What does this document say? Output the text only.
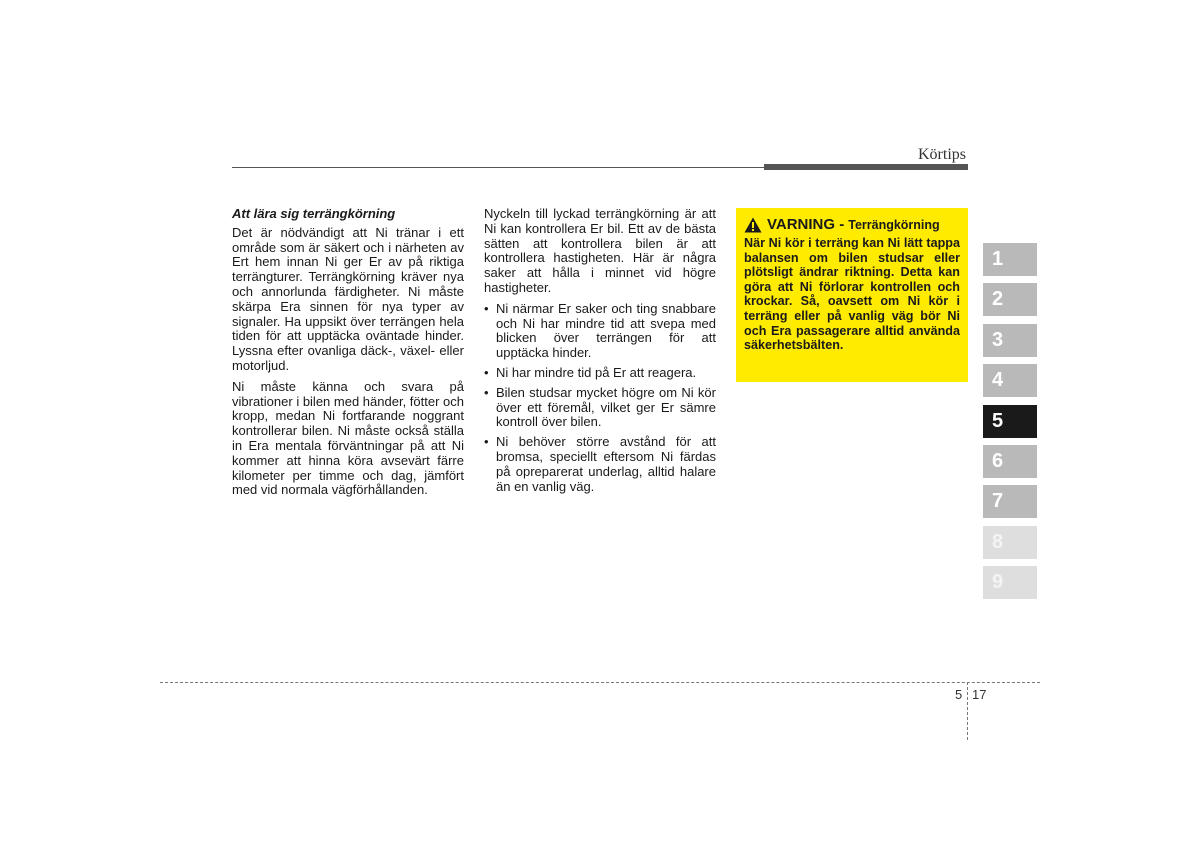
Körtips

Att lära sig terrängkörning

Det är nödvändigt att Ni tränar i ett område som är säkert och i närheten av Ert hem innan Ni ger Er av på riktiga terrängturer. Terrängkörning kräver nya och annorlunda färdigheter. Ni måste skärpa Era sinnen för nya typer av signaler. Ha uppsikt över terrängen hela tiden för att upptäcka oväntade hinder. Lyssna efter ovanliga däck-, växel- eller motorljud.

Ni måste känna och svara på vibrationer i bilen med händer, fötter och kropp, medan Ni fortfarande noggrant kontrollerar bilen. Ni måste också ställa in Era mentala förväntningar på att Ni kommer att hinna köra avsevärt färre kilometer per timme och dag, jämfört med vid normala vägförhållanden.

Nyckeln till lyckad terrängkörning är att Ni kan kontrollera Er bil. Ett av de bästa sätten att kontrollera bilen är att kontrollera hastigheten. Här är några saker att hålla i minnet vid högre hastigheter.

• Ni närmar Er saker och ting snabbare och Ni har mindre tid att svepa med blicken över terrängen för att upptäcka hinder.
• Ni har mindre tid på Er att reagera.
• Bilen studsar mycket högre om Ni kör över ett föremål, vilket ger Er sämre kontroll över bilen.
• Ni behöver större avstånd för att bromsa, speciellt eftersom Ni färdas på opreparerat underlag, alltid halare än en vanlig väg.
VARNING - Terrängkörning

När Ni kör i terräng kan Ni lätt tappa balansen om bilen studsar eller plötsligt ändrar riktning. Detta kan göra att Ni förlorar kontrollen och krockar. Så, oavsett om Ni kör i terräng eller på vanlig väg bör Ni och Era passagerare alltid använda säkerhetsbälten.

1
2
3
4
5
6
7
8
9
5 17
